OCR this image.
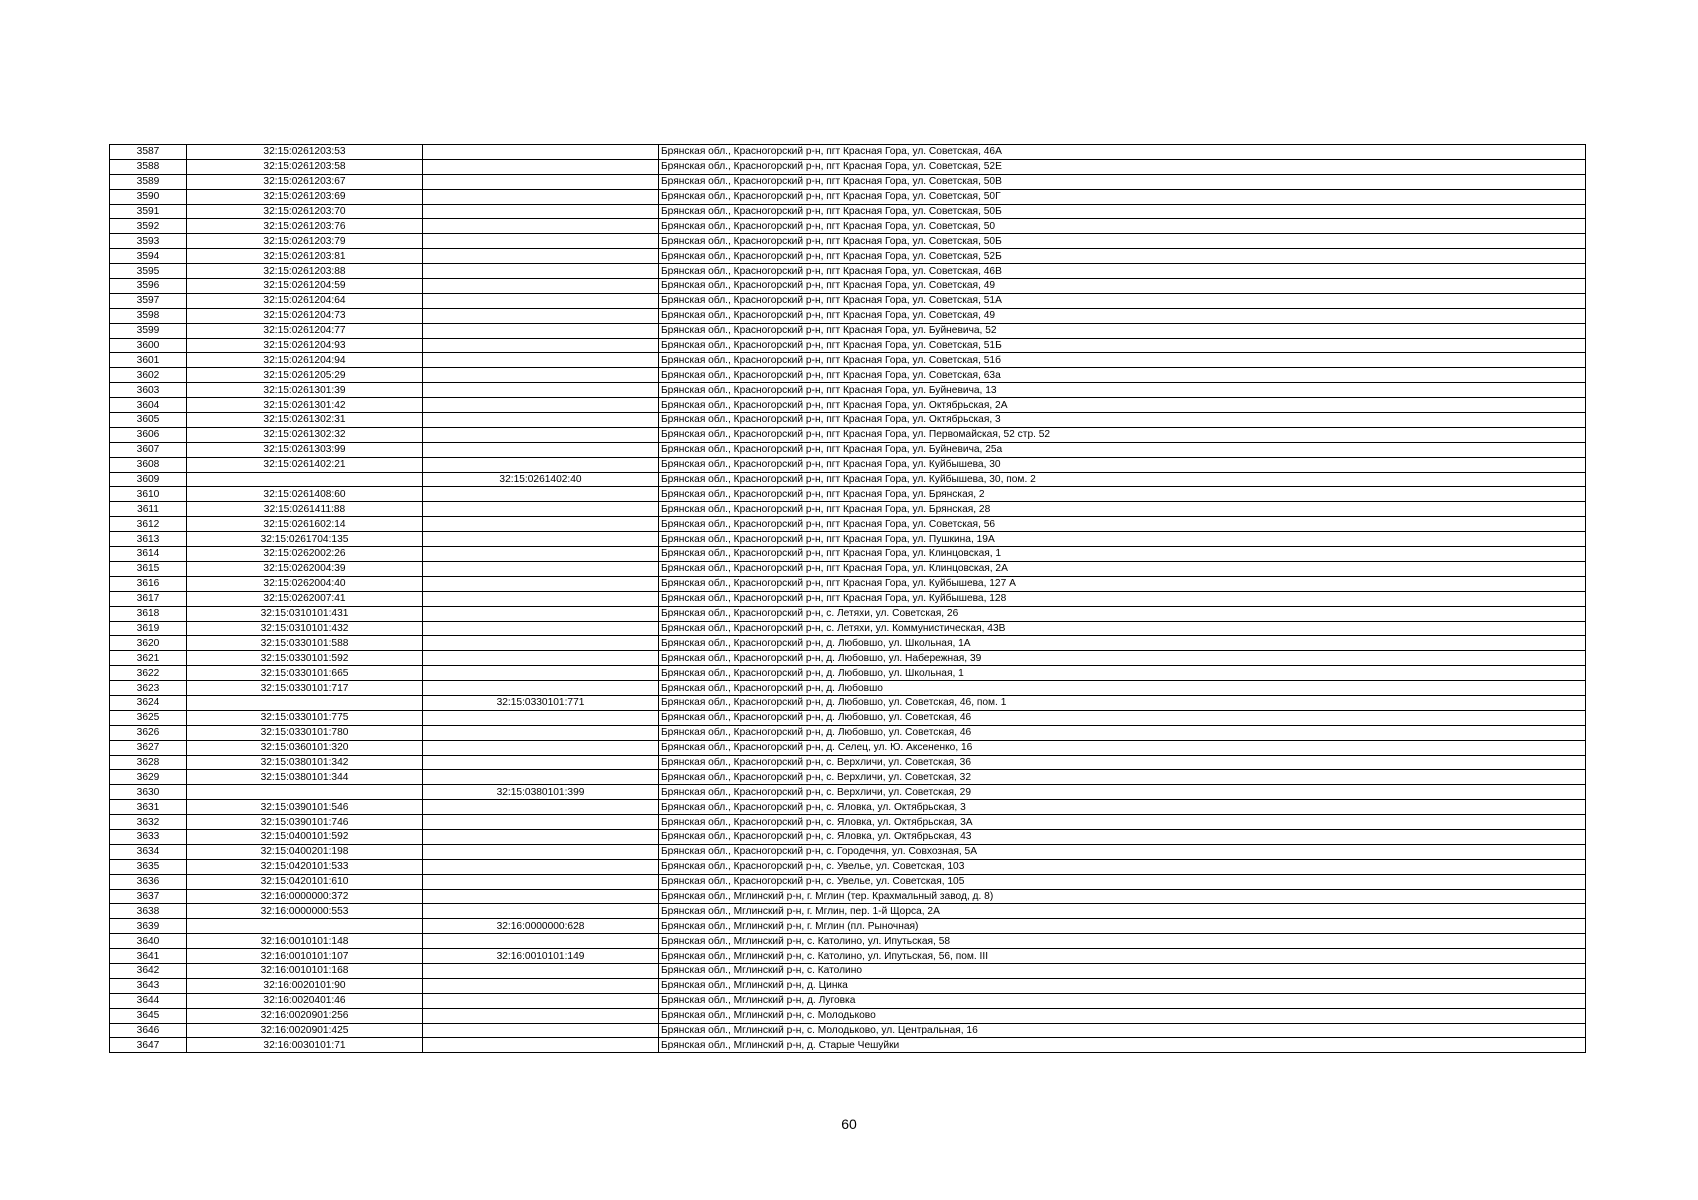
3587	32:15:0261203:53		Брянская обл., Красногорский р-н, пгт Красная Гора, ул. Советская, 46А
3588	32:15:0261203:58		Брянская обл., Красногорский р-н, пгт Красная Гора, ул. Советская, 52Е
3589	32:15:0261203:67		Брянская обл., Красногорский р-н, пгт Красная Гора, ул. Советская, 50В
3590	32:15:0261203:69		Брянская обл., Красногорский р-н, пгт Красная Гора, ул. Советская, 50Г
3591	32:15:0261203:70		Брянская обл., Красногорский р-н, пгт Красная Гора, ул. Советская, 50Б
3592	32:15:0261203:76		Брянская обл., Красногорский р-н, пгт Красная Гора, ул. Советская, 50
3593	32:15:0261203:79		Брянская обл., Красногорский р-н, пгт Красная Гора, ул. Советская, 50Б
3594	32:15:0261203:81		Брянская обл., Красногорский р-н, пгт Красная Гора, ул. Советская, 52Б
3595	32:15:0261203:88		Брянская обл., Красногорский р-н, пгт Красная Гора, ул. Советская, 46В
3596	32:15:0261204:59		Брянская обл., Красногорский р-н, пгт Красная Гора, ул. Советская, 49
3597	32:15:0261204:64		Брянская обл., Красногорский р-н, пгт Красная Гора, ул. Советская, 51А
3598	32:15:0261204:73		Брянская обл., Красногорский р-н, пгт Красная Гора, ул. Советская, 49
3599	32:15:0261204:77		Брянская обл., Красногорский р-н, пгт Красная Гора, ул. Буйневича, 52
3600	32:15:0261204:93		Брянская обл., Красногорский р-н, пгт Красная Гора, ул. Советская, 51Б
3601	32:15:0261204:94		Брянская обл., Красногорский р-н, пгт Красная Гора, ул. Советская, 51б
3602	32:15:0261205:29		Брянская обл., Красногорский р-н, пгт Красная Гора, ул. Советская, 63а
3603	32:15:0261301:39		Брянская обл., Красногорский р-н, пгт Красная Гора, ул. Буйневича, 13
3604	32:15:0261301:42		Брянская обл., Красногорский р-н, пгт Красная Гора, ул. Октябрьская, 2А
3605	32:15:0261302:31		Брянская обл., Красногорский р-н, пгт Красная Гора, ул. Октябрьская, 3
3606	32:15:0261302:32		Брянская обл., Красногорский р-н, пгт Красная Гора, ул. Первомайская, 52 стр. 52
3607	32:15:0261303:99		Брянская обл., Красногорский р-н, пгт Красная Гора, ул. Буйневича, 25а
3608	32:15:0261402:21		Брянская обл., Красногорский р-н, пгт Красная Гора, ул. Куйбышева, 30
3609		32:15:0261402:40	Брянская обл., Красногорский р-н, пгт Красная Гора, ул. Куйбышева, 30, пом. 2
3610	32:15:0261408:60		Брянская обл., Красногорский р-н, пгт Красная Гора, ул. Брянская, 2
3611	32:15:0261411:88		Брянская обл., Красногорский р-н, пгт Красная Гора, ул. Брянская, 28
3612	32:15:0261602:14		Брянская обл., Красногорский р-н, пгт Красная Гора, ул. Советская, 56
3613	32:15:0261704:135		Брянская обл., Красногорский р-н, пгт Красная Гора, ул. Пушкина, 19А
3614	32:15:0262002:26		Брянская обл., Красногорский р-н, пгт Красная Гора, ул. Клинцовская, 1
3615	32:15:0262004:39		Брянская обл., Красногорский р-н, пгт Красная Гора, ул. Клинцовская, 2А
3616	32:15:0262004:40		Брянская обл., Красногорский р-н, пгт Красная Гора, ул. Куйбышева, 127 А
3617	32:15:0262007:41		Брянская обл., Красногорский р-н, пгт Красная Гора, ул. Куйбышева, 128
3618	32:15:0310101:431		Брянская обл., Красногорский р-н, с. Летяхи, ул. Советская, 26
3619	32:15:0310101:432		Брянская обл., Красногорский р-н, с. Летяхи, ул. Коммунистическая, 43В
3620	32:15:0330101:588		Брянская обл., Красногорский р-н, д. Любовшо, ул. Школьная, 1А
3621	32:15:0330101:592		Брянская обл., Красногорский р-н, д. Любовшо, ул. Набережная, 39
3622	32:15:0330101:665		Брянская обл., Красногорский р-н, д. Любовшо, ул. Школьная, 1
3623	32:15:0330101:717		Брянская обл., Красногорский р-н, д. Любовшо
3624		32:15:0330101:771	Брянская обл., Красногорский р-н, д. Любовшо, ул. Советская, 46, пом. 1
3625	32:15:0330101:775		Брянская обл., Красногорский р-н, д. Любовшо, ул. Советская, 46
3626	32:15:0330101:780		Брянская обл., Красногорский р-н, д. Любовшо, ул. Советская, 46
3627	32:15:0360101:320		Брянская обл., Красногорский р-н, д. Селец, ул. Ю. Аксененко, 16
3628	32:15:0380101:342		Брянская обл., Красногорский р-н, с. Верхличи, ул. Советская, 36
3629	32:15:0380101:344		Брянская обл., Красногорский р-н, с. Верхличи, ул. Советская, 32
3630		32:15:0380101:399	Брянская обл., Красногорский р-н, с. Верхличи, ул. Советская, 29
3631	32:15:0390101:546		Брянская обл., Красногорский р-н, с. Яловка, ул. Октябрьская, 3
3632	32:15:0390101:746		Брянская обл., Красногорский р-н, с. Яловка, ул. Октябрьская, 3А
3633	32:15:0400101:592		Брянская обл., Красногорский р-н, с. Яловка, ул. Октябрьская, 43
3634	32:15:0400201:198		Брянская обл., Красногорский р-н, с. Городечня, ул. Совхозная, 5А
3635	32:15:0420101:533		Брянская обл., Красногорский р-н, с. Увелье, ул. Советская, 103
3636	32:15:0420101:610		Брянская обл., Красногорский р-н, с. Увелье, ул. Советская, 105
3637	32:16:0000000:372		Брянская обл., Мглинский р-н, г. Мглин (тер. Крахмальный завод, д. 8)
3638	32:16:0000000:553		Брянская обл., Мглинский р-н, г. Мглин, пер. 1-й Щорса, 2А
3639		32:16:0000000:628	Брянская обл., Мглинский р-н, г. Мглин (пл. Рыночная)
3640	32:16:0010101:148		Брянская обл., Мглинский р-н, с. Католино, ул. Ипутьская, 58
3641	32:16:0010101:107	32:16:0010101:149	Брянская обл., Мглинский р-н, с. Католино, ул. Ипутьская, 56, пом. III
3642	32:16:0010101:168		Брянская обл., Мглинский р-н, с. Католино
3643	32:16:0020101:90		Брянская обл., Мглинский р-н, д. Цинка
3644	32:16:0020401:46		Брянская обл., Мглинский р-н, д. Луговка
3645	32:16:0020901:256		Брянская обл., Мглинский р-н, с. Молодьково
3646	32:16:0020901:425		Брянская обл., Мглинский р-н, с. Молодьково, ул. Центральная, 16
3647	32:16:0030101:71		Брянская обл., Мглинский р-н, д. Старые Чешуйки
60
